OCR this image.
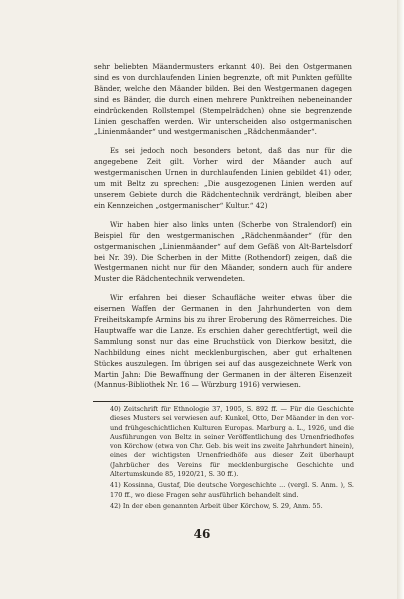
sehr beliebten Mäandermusters erkannt 40). Bei den Ostgermanen sind es von durchlaufenden Linien begrenzte, oft mit Punkten gefüllte Bänder, welche den Mäander bilden. Bei den Westgermanen dagegen sind es Bänder, die durch einen mehrere Punktreihen nebeneinander eindrückenden Rollstempel (Stempelrädchen) ohne sie begrenzende Linien geschaffen werden. Wir unterscheiden also ostgermanischen „Linienmäander“ und westgermanischen „Rädchenmäander“.

Es sei jedoch noch besonders betont, daß das nur für die angegebene Zeit gilt. Vorher wird der Mäander auch auf westgermanischen Urnen in durchlaufenden Linien gebildet 41) oder, um mit Beltz zu sprechen: „Die ausgezogenen Linien werden auf unserem Gebiete durch die Rädchentechnik verdrängt, bleiben aber ein Kennzeichen „ostgermanischer“ Kultur.“ 42)

Wir haben hier also links unten (Scherbe von Stralendorf) ein Beispiel für den westgermanischen „Rädchenmäander“ (für den ostgermanischen „Linienmäander“ auf dem Gefäß von Alt-Bartelsdorf bei Nr. 39). Die Scherben in der Mitte (Rothendorf) zeigen, daß die Westgermanen nicht nur für den Mäander, sondern auch für andere Muster die Rädchentechnik verwendeten.

Wir erfahren bei dieser Schaufläche weiter etwas über die eisernen Waffen der Germanen in den Jahrhunderten von dem Freiheitskampfe Armins bis zu ihrer Eroberung des Römerreiches. Die Hauptwaffe war die Lanze. Es erschien daher gerechtfertigt, weil die Sammlung sonst nur das eine Bruchstück von Dierkow besitzt, die Nachbildung eines nicht mecklenburgischen, aber gut erhaltenen Stückes auszulegen. Im übrigen sei auf das ausgezeichnete Werk von Martin Jahn: Die Bewaffnung der Germanen in der älteren Eisenzeit (Mannus-Bibliothek Nr. 16 — Würzburg 1916) verwiesen.

40) Zeitschrift für Ethnologie 37, 1905, S. 892 ff. — Für die Geschichte dieses Musters sei verwiesen auf: Kunkel, Otto, Der Mäander in den vor- und frühgeschichtlichen Kulturen Europas. Marburg a. L., 1926, und die Ausführungen von Beltz in seiner Veröffentlichung des Urnenfriedhofes von Körchow (etwa von Chr. Geb. bis weit ins zweite Jahrhundert hinein), eines der wichtigsten Urnenfriedhöfe aus dieser Zeit überhaupt (Jahrbücher des Vereins für mecklenburgische Geschichte und Altertumskunde 85, 1920/21, S. 30 ff.).

41) Kossinna, Gustaf, Die deutsche Vorgeschichte ... (vergl. S. Anm. ), S. 170 ff., wo diese Fragen sehr ausführlich behandelt sind.

42) In der eben genannten Arbeit über Körchow, S. 29, Anm. 55.

46
